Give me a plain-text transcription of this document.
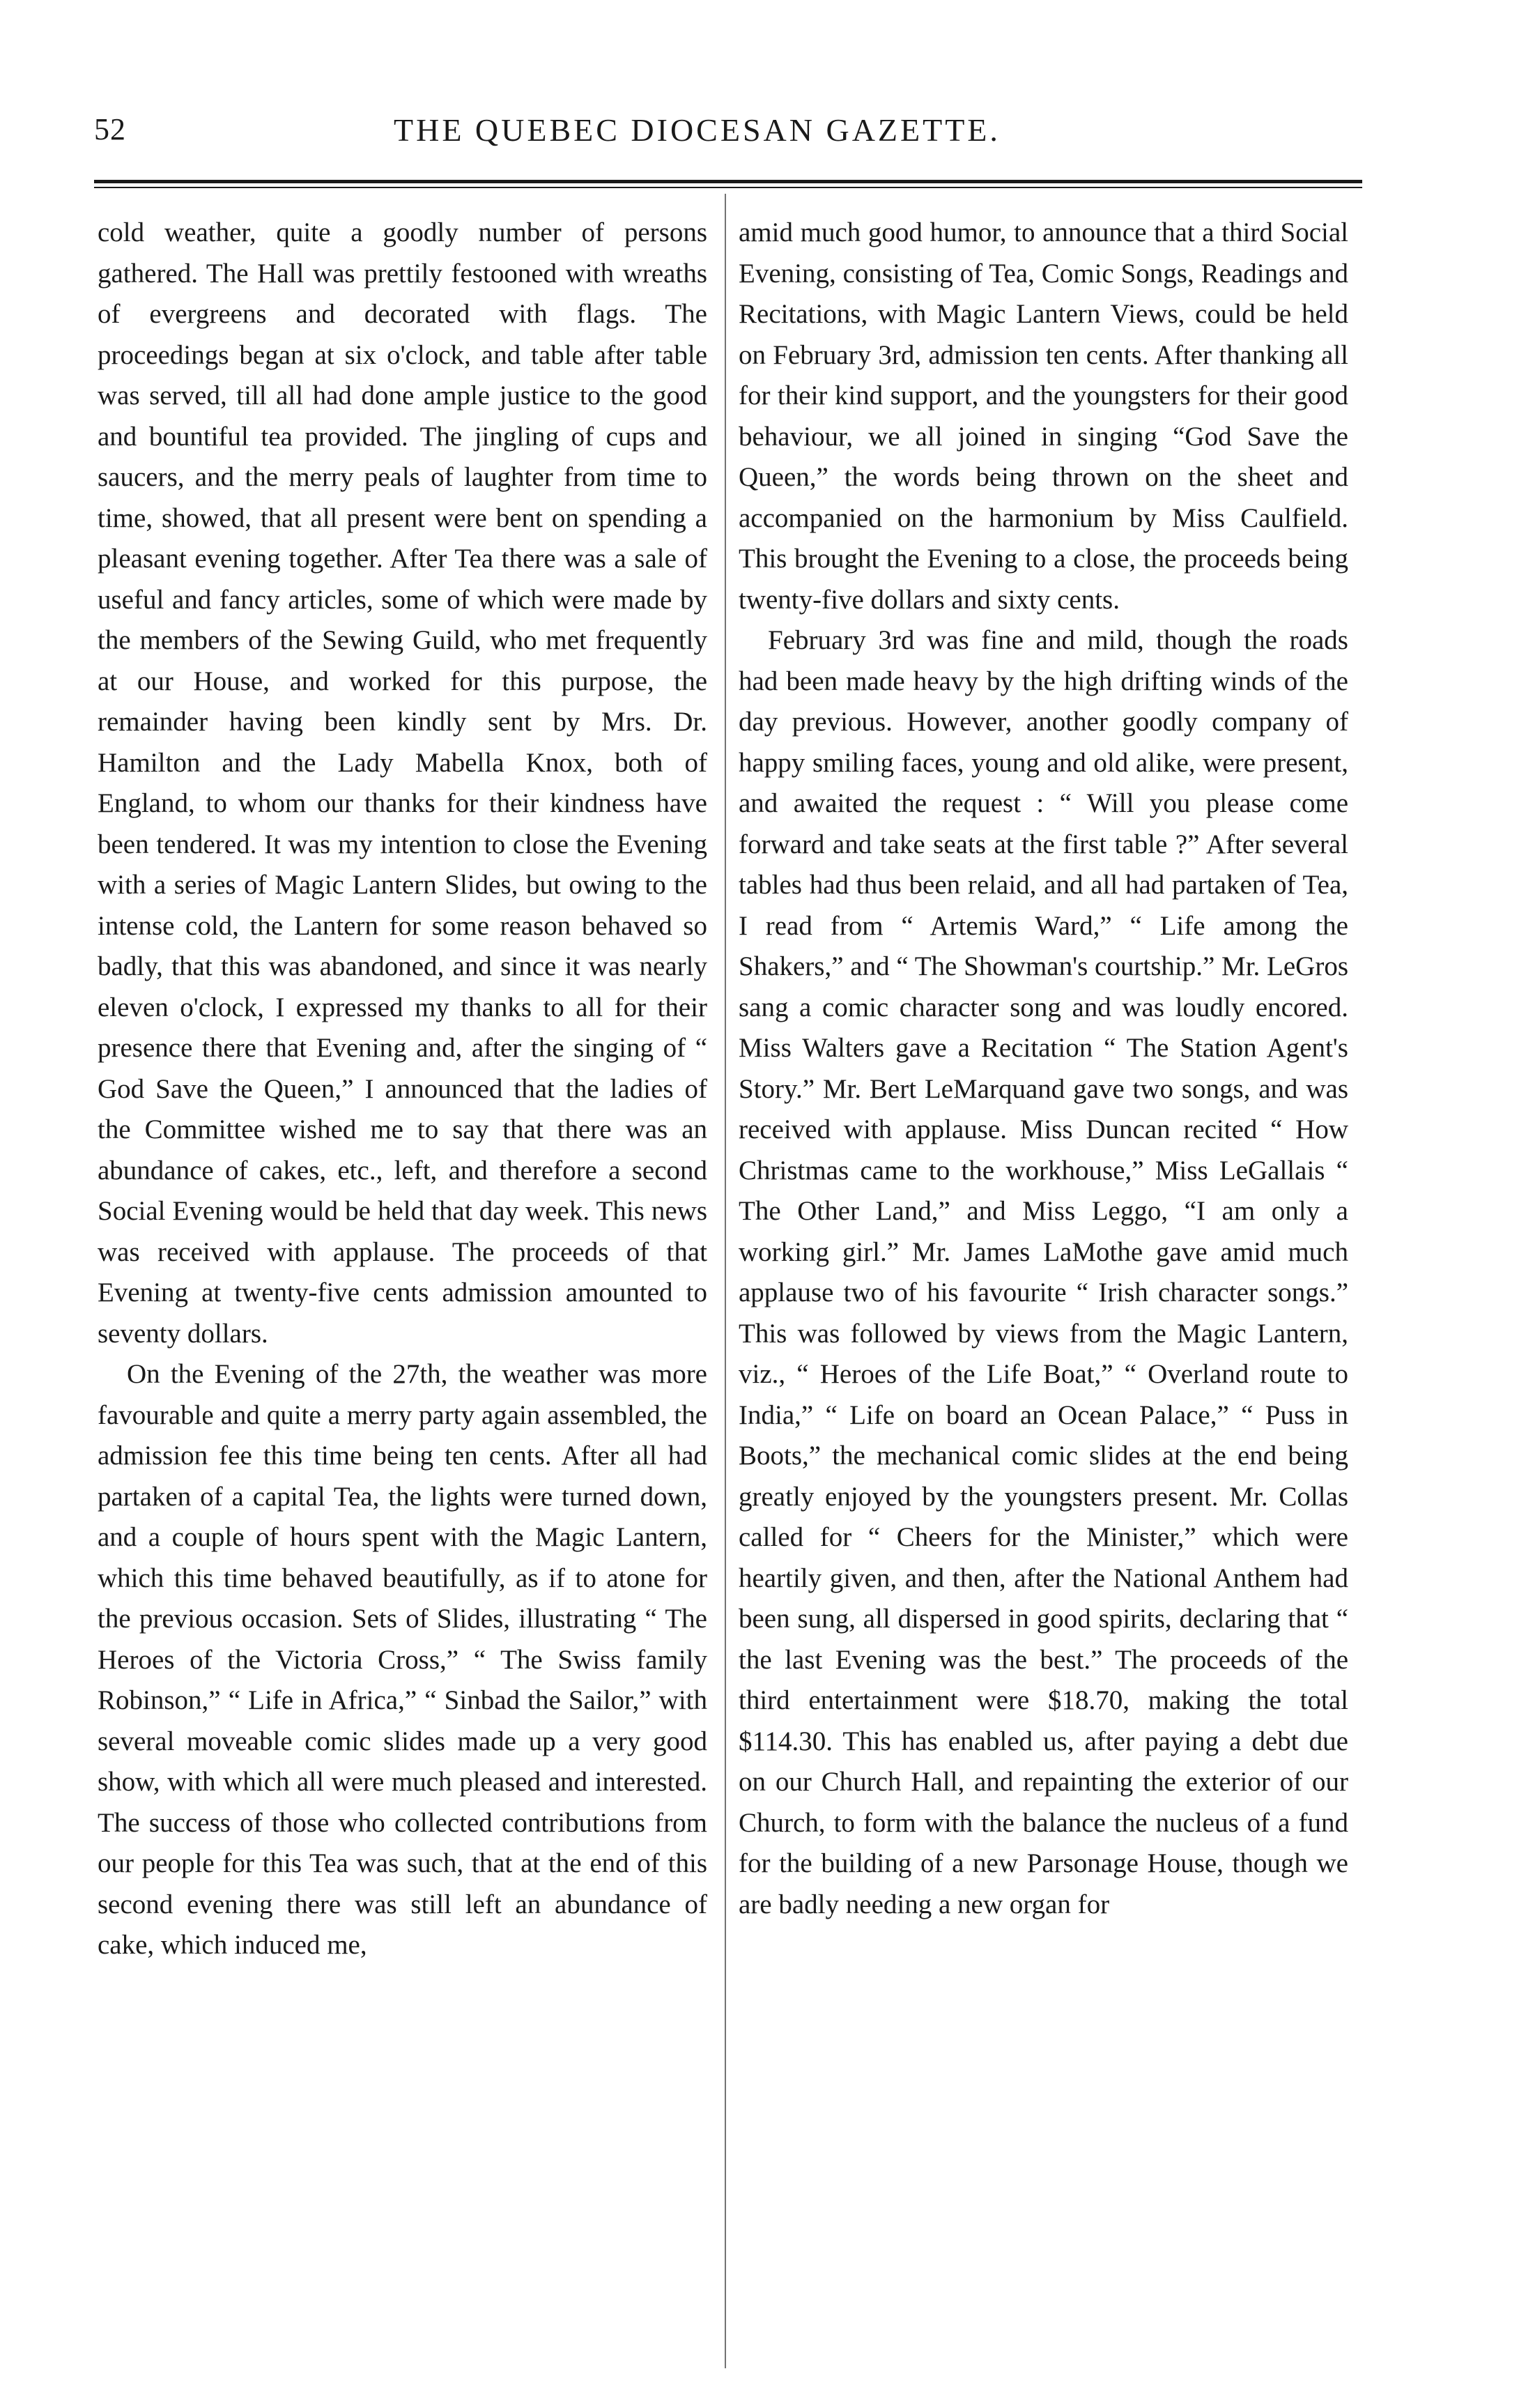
52	THE QUEBEC DIOCESAN GAZETTE.

cold weather, quite a goodly number of persons gathered. The Hall was prettily festooned with wreaths of evergreens and decorated with flags. The proceedings began at six o'clock, and table after table was served, till all had done ample justice to the good and bountiful tea provided. The jingling of cups and saucers, and the merry peals of laughter from time to time, showed, that all present were bent on spending a pleasant evening together. After Tea there was a sale of useful and fancy articles, some of which were made by the members of the Sewing Guild, who met frequently at our House, and worked for this purpose, the remainder having been kindly sent by Mrs. Dr. Hamilton and the Lady Mabella Knox, both of England, to whom our thanks for their kindness have been tendered. It was my intention to close the Evening with a series of Magic Lantern Slides, but owing to the intense cold, the Lantern for some reason behaved so badly, that this was abandoned, and since it was nearly eleven o'clock, I expressed my thanks to all for their presence there that Evening and, after the singing of “ God Save the Queen,” I announced that the ladies of the Committee wished me to say that there was an abundance of cakes, etc., left, and therefore a second Social Evening would be held that day week. This news was received with applause. The proceeds of that Evening at twenty-five cents admission amounted to seventy dollars.

On the Evening of the 27th, the weather was more favourable and quite a merry party again assembled, the admission fee this time being ten cents. After all had partaken of a capital Tea, the lights were turned down, and a couple of hours spent with the Magic Lantern, which this time behaved beautifully, as if to atone for the previous occasion. Sets of Slides, illustrating “ The Heroes of the Victoria Cross,” “ The Swiss family Robinson,” “ Life in Africa,” “ Sinbad the Sailor,” with several moveable comic slides made up a very good show, with which all were much pleased and interested. The success of those who collected contributions from our people for this Tea was such, that at the end of this second evening there was still left an abundance of cake, which induced me,

amid much good humor, to announce that a third Social Evening, consisting of Tea, Comic Songs, Readings and Recitations, with Magic Lantern Views, could be held on February 3rd, admission ten cents. After thanking all for their kind support, and the youngsters for their good behaviour, we all joined in singing “God Save the Queen,” the words being thrown on the sheet and accompanied on the harmonium by Miss Caulfield. This brought the Evening to a close, the proceeds being twenty-five dollars and sixty cents.

February 3rd was fine and mild, though the roads had been made heavy by the high drifting winds of the day previous. However, another goodly company of happy smiling faces, young and old alike, were present, and awaited the request : “ Will you please come forward and take seats at the first table ?” After several tables had thus been relaid, and all had partaken of Tea, I read from “ Artemis Ward,” “ Life among the Shakers,” and “ The Showman's courtship.” Mr. LeGros sang a comic character song and was loudly encored. Miss Walters gave a Recitation “ The Station Agent's Story.” Mr. Bert LeMarquand gave two songs, and was received with applause. Miss Duncan recited “ How Christmas came to the workhouse,” Miss LeGallais “ The Other Land,” and Miss Leggo, “I am only a working girl.” Mr. James LaMothe gave amid much applause two of his favourite “ Irish character songs.” This was followed by views from the Magic Lantern, viz., “ Heroes of the Life Boat,” “ Overland route to India,” “ Life on board an Ocean Palace,” “ Puss in Boots,” the mechanical comic slides at the end being greatly enjoyed by the youngsters present. Mr. Collas called for “ Cheers for the Minister,” which were heartily given, and then, after the National Anthem had been sung, all dispersed in good spirits, declaring that “ the last Evening was the best.” The proceeds of the third entertainment were $18.70, making the total $114.30. This has enabled us, after paying a debt due on our Church Hall, and repainting the exterior of our Church, to form with the balance the nucleus of a fund for the building of a new Parsonage House, though we are badly needing a new organ for
